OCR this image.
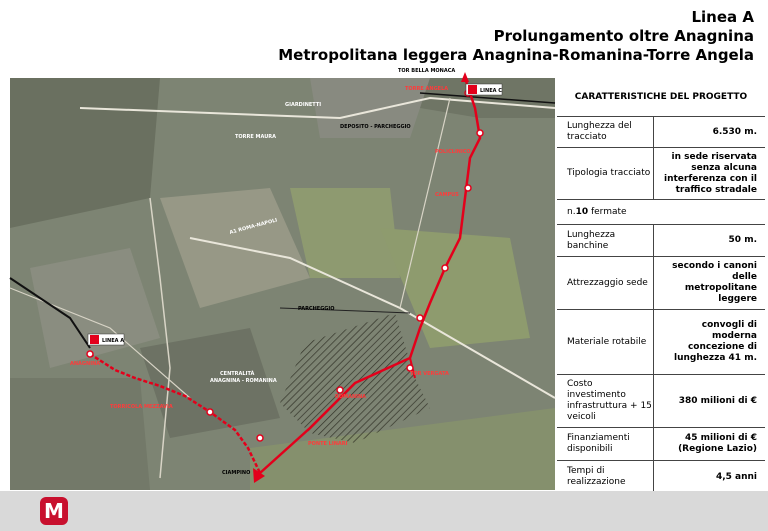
Linea A
Prolungamento oltre Anagnina
Metropolitana leggera Anagnina-Romanina-Torre Angela
LINEA C
LINEA A
TORRE ANGELA
TORRE MAURA
GIARDINETTI
DEPOSITO - PARCHEGGIO
POLICLINICO
CAMPUS
PARCHEGGIO
ANAGNINA
ROMANINA
CENTRALITÀ
ANAGNINA - ROMANINA
TOR VERGATA
TORRICOLA MEZZAVIA
PONTE LINARI
A1 ROMA-NAPOLI
TOR BELLA MONACA
CIAMPINO
CARATTERISTICHE DEL PROGETTO
Lunghezza del tracciato
6.530 m.
Tipologia tracciato
in sede riservata senza alcuna interferenza con il traffico stradale
n. 10 fermate
Lunghezza banchine
50 m.
Attrezzaggio sede
secondo i canoni delle metropolitane leggere
Materiale rotabile
convogli di moderna concezione di lunghezza 41 m.
Costo investimento infrastruttura + 15 veicoli
380 milioni di €
Finanziamenti disponibili
45 milioni di € (Regione Lazio)
Tempi di realizzazione
4,5 anni
M
